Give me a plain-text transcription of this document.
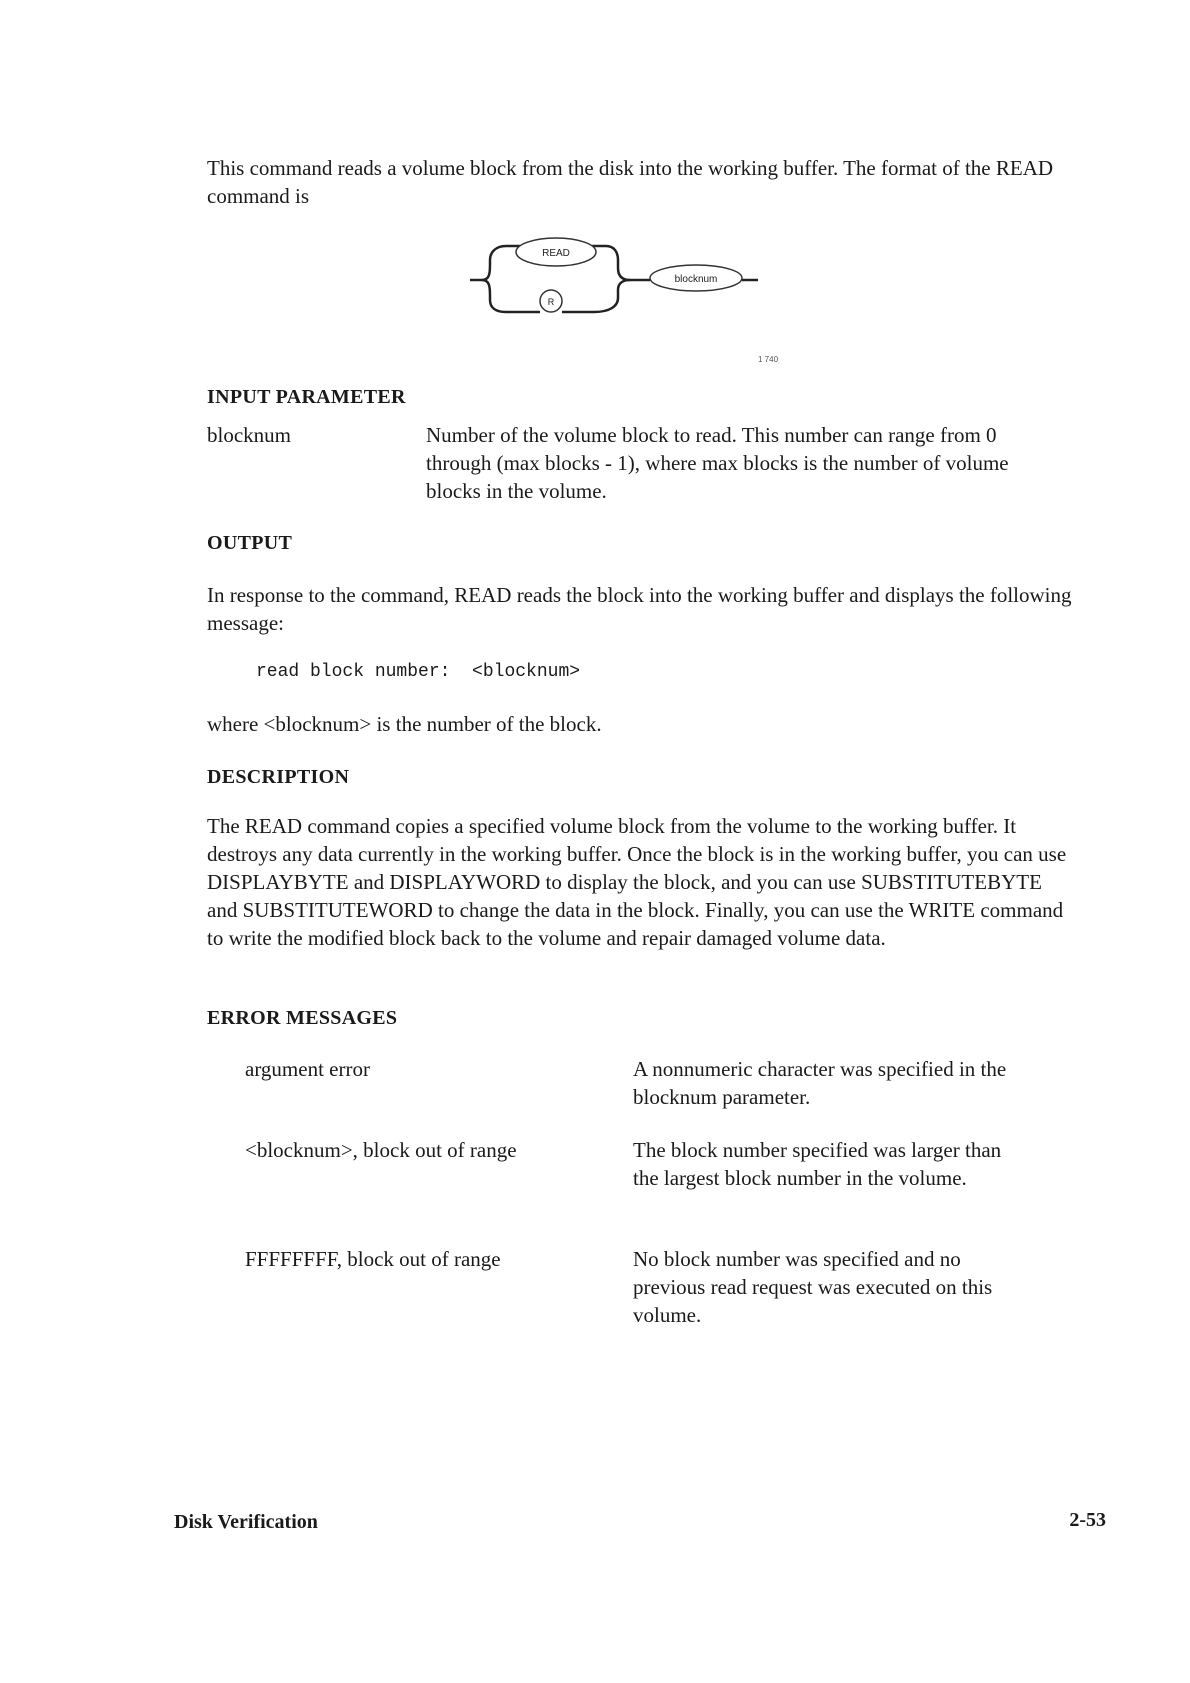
This command reads a volume block from the disk into the working buffer. The format of the READ command is
READ
R
blocknum
1 740
INPUT PARAMETER
blocknum	Number of the volume block to read. This number can range from 0 through (max blocks - 1), where max blocks is the number of volume blocks in the volume.
OUTPUT
In response to the command, READ reads the block into the working buffer and displays the following message:
read block number:  <blocknum>
where <blocknum> is the number of the block.
DESCRIPTION
The READ command copies a specified volume block from the volume to the working buffer. It destroys any data currently in the working buffer. Once the block is in the working buffer, you can use DISPLAYBYTE and DISPLAYWORD to display the block, and you can use SUBSTITUTEBYTE and SUBSTITUTEWORD to change the data in the block. Finally, you can use the WRITE command to write the modified block back to the volume and repair damaged volume data.
ERROR MESSAGES
argument error	A nonnumeric character was specified in the blocknum parameter.
<blocknum>, block out of range	The block number specified was larger than the largest block number in the volume.
FFFFFFFF, block out of range	No block number was specified and no previous read request was executed on this volume.
Disk Verification	2-53
